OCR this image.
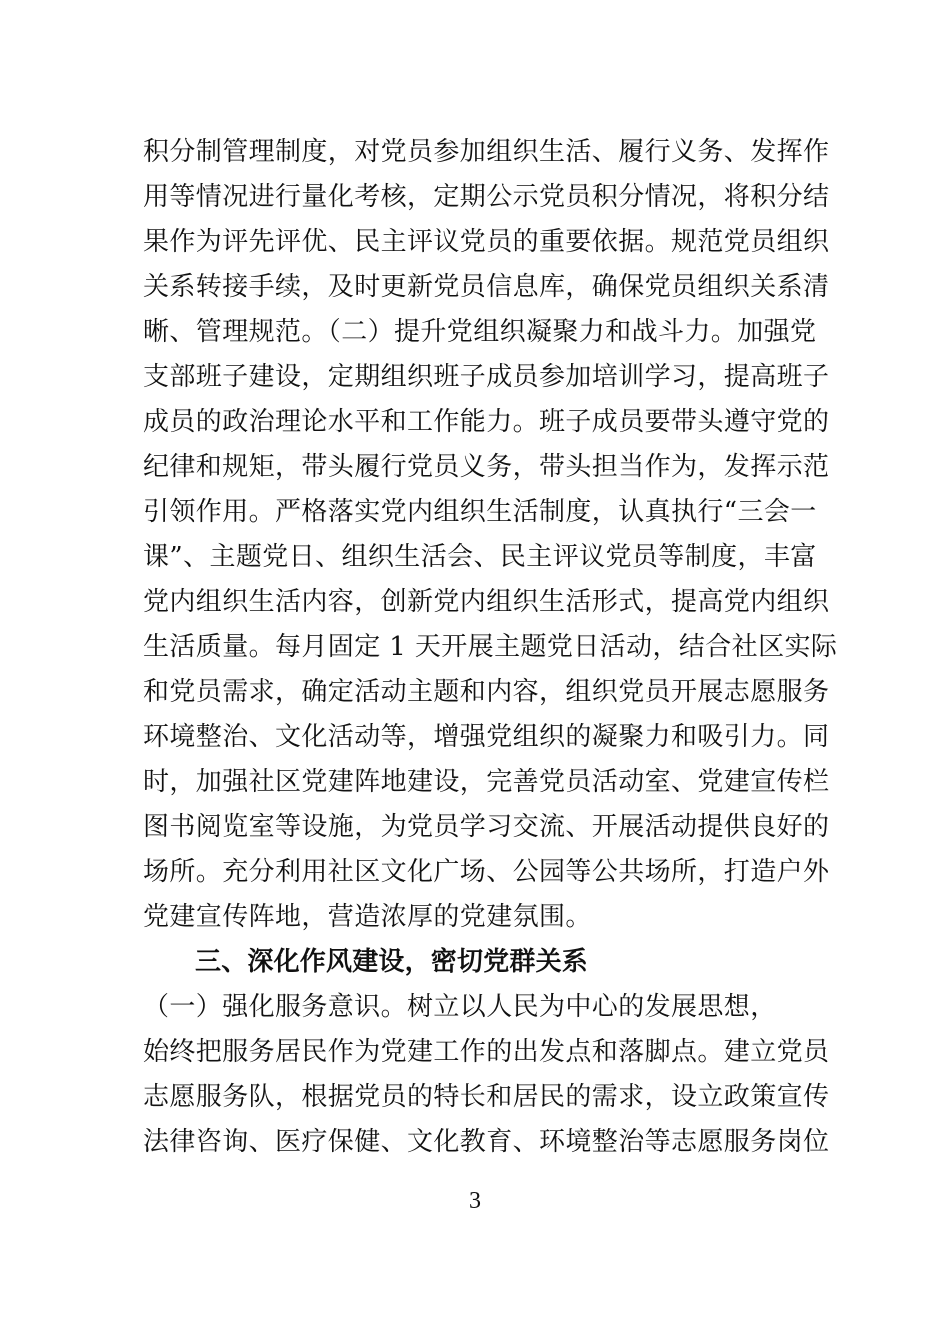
积分制管理制度，对党员参加组织生活、履行义务、发挥作
用等情况进行量化考核，定期公示党员积分情况，将积分结
果作为评先评优、民主评议党员的重要依据。规范党员组织
关系转接手续，及时更新党员信息库，确保党员组织关系清
晰、管理规范。（二）提升党组织凝聚力和战斗力。加强党
支部班子建设，定期组织班子成员参加培训学习，提高班子
成员的政治理论水平和工作能力。班子成员要带头遵守党的
纪律和规矩，带头履行党员义务，带头担当作为，发挥示范
引领作用。严格落实党内组织生活制度，认真执行“三会一
课”、主题党日、组织生活会、民主评议党员等制度，丰富
党内组织生活内容，创新党内组织生活形式，提高党内组织
生活质量。每月固定 1 天开展主题党日活动，结合社区实际
和党员需求，确定活动主题和内容，组织党员开展志愿服务
环境整治、文化活动等，增强党组织的凝聚力和吸引力。同
时，加强社区党建阵地建设，完善党员活动室、党建宣传栏
图书阅览室等设施，为党员学习交流、开展活动提供良好的
场所。充分利用社区文化广场、公园等公共场所，打造户外
党建宣传阵地，营造浓厚的党建氛围。
三、深化作风建设，密切党群关系
（一）强化服务意识。树立以人民为中心的发展思想，
始终把服务居民作为党建工作的出发点和落脚点。建立党员
志愿服务队，根据党员的特长和居民的需求，设立政策宣传
法律咨询、医疗保健、文化教育、环境整治等志愿服务岗位
3
